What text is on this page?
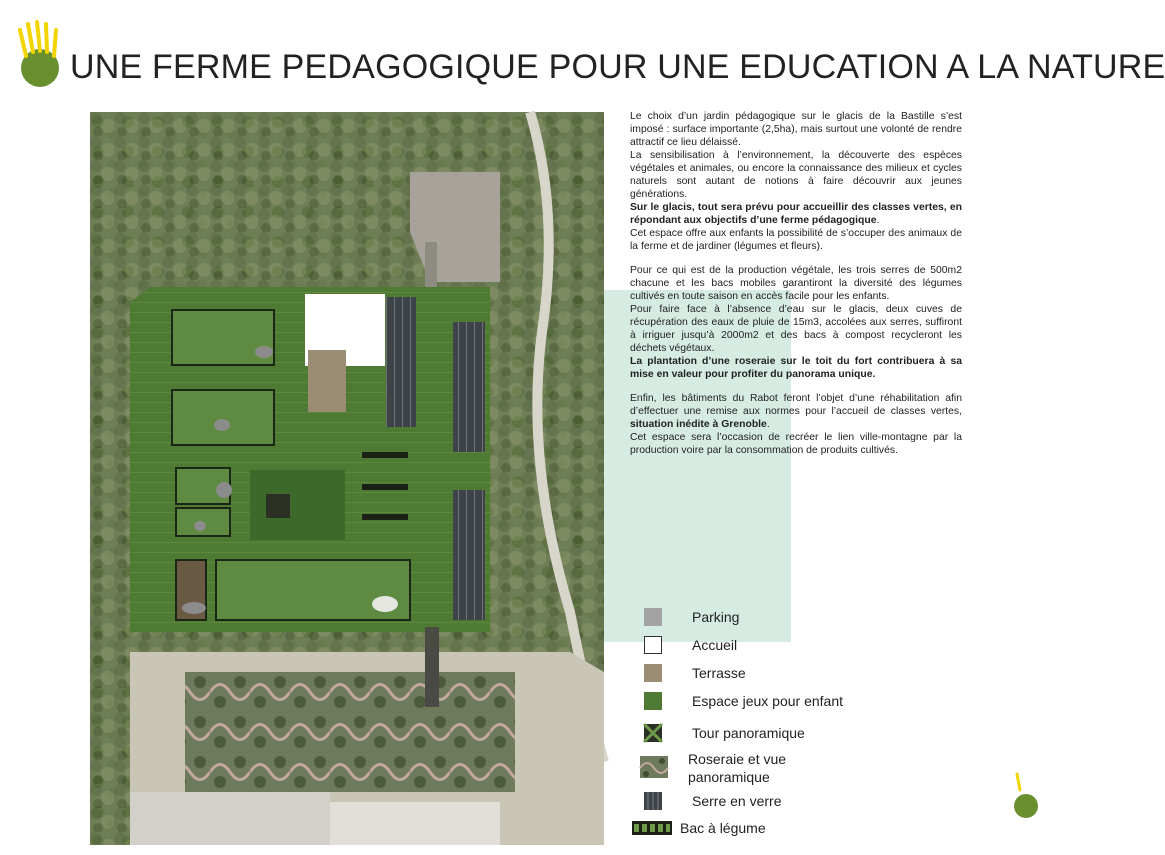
UNE FERME PEDAGOGIQUE POUR UNE EDUCATION A LA NATURE

Le choix d’un jardin pédagogique sur le glacis de la Bastille s’est imposé : surface importante (2,5ha), mais surtout une volonté de rendre attractif ce lieu délaissé.

La sensibilisation à l’environnement, la découverte des espèces végétales et animales, ou encore la connaissance des milieux et cycles naturels sont autant de notions à faire découvrir aux jeunes générations.

Sur le glacis, tout sera prévu pour accueillir des classes vertes, en répondant aux objectifs d’une ferme pédagogique.

Cet espace offre aux enfants la possibilité de s’occuper des animaux de la ferme et de jardiner (légumes et fleurs).

Pour ce qui est de la production végétale, les trois serres de 500m2 chacune et les bacs mobiles garantiront la diversité des légumes cultivés en toute saison en accès facile pour les enfants.

Pour faire face à l’absence d’eau sur le glacis, deux cuves de récupération des eaux de pluie de 15m3, accolées aux serres, suffiront à irriguer jusqu’à 2000m2 et des bacs à compost recycleront les déchets végétaux.

La plantation d’une roseraie sur le toit du fort contribuera à sa mise en valeur pour profiter du panorama unique.

Enfin, les bâtiments du Rabot feront l’objet d’une réhabilitation afin d’effectuer une remise aux normes pour l’accueil de classes vertes, situation inédite à Grenoble.

Cet espace sera l’occasion de recréer le lien ville-montagne par la production voire par la consommation de produits cultivés.

Parking
Accueil
Terrasse
Espace jeux pour enfant
Tour panoramique
Roseraie et vue
panoramique
Serre en verre
Bac à légume
